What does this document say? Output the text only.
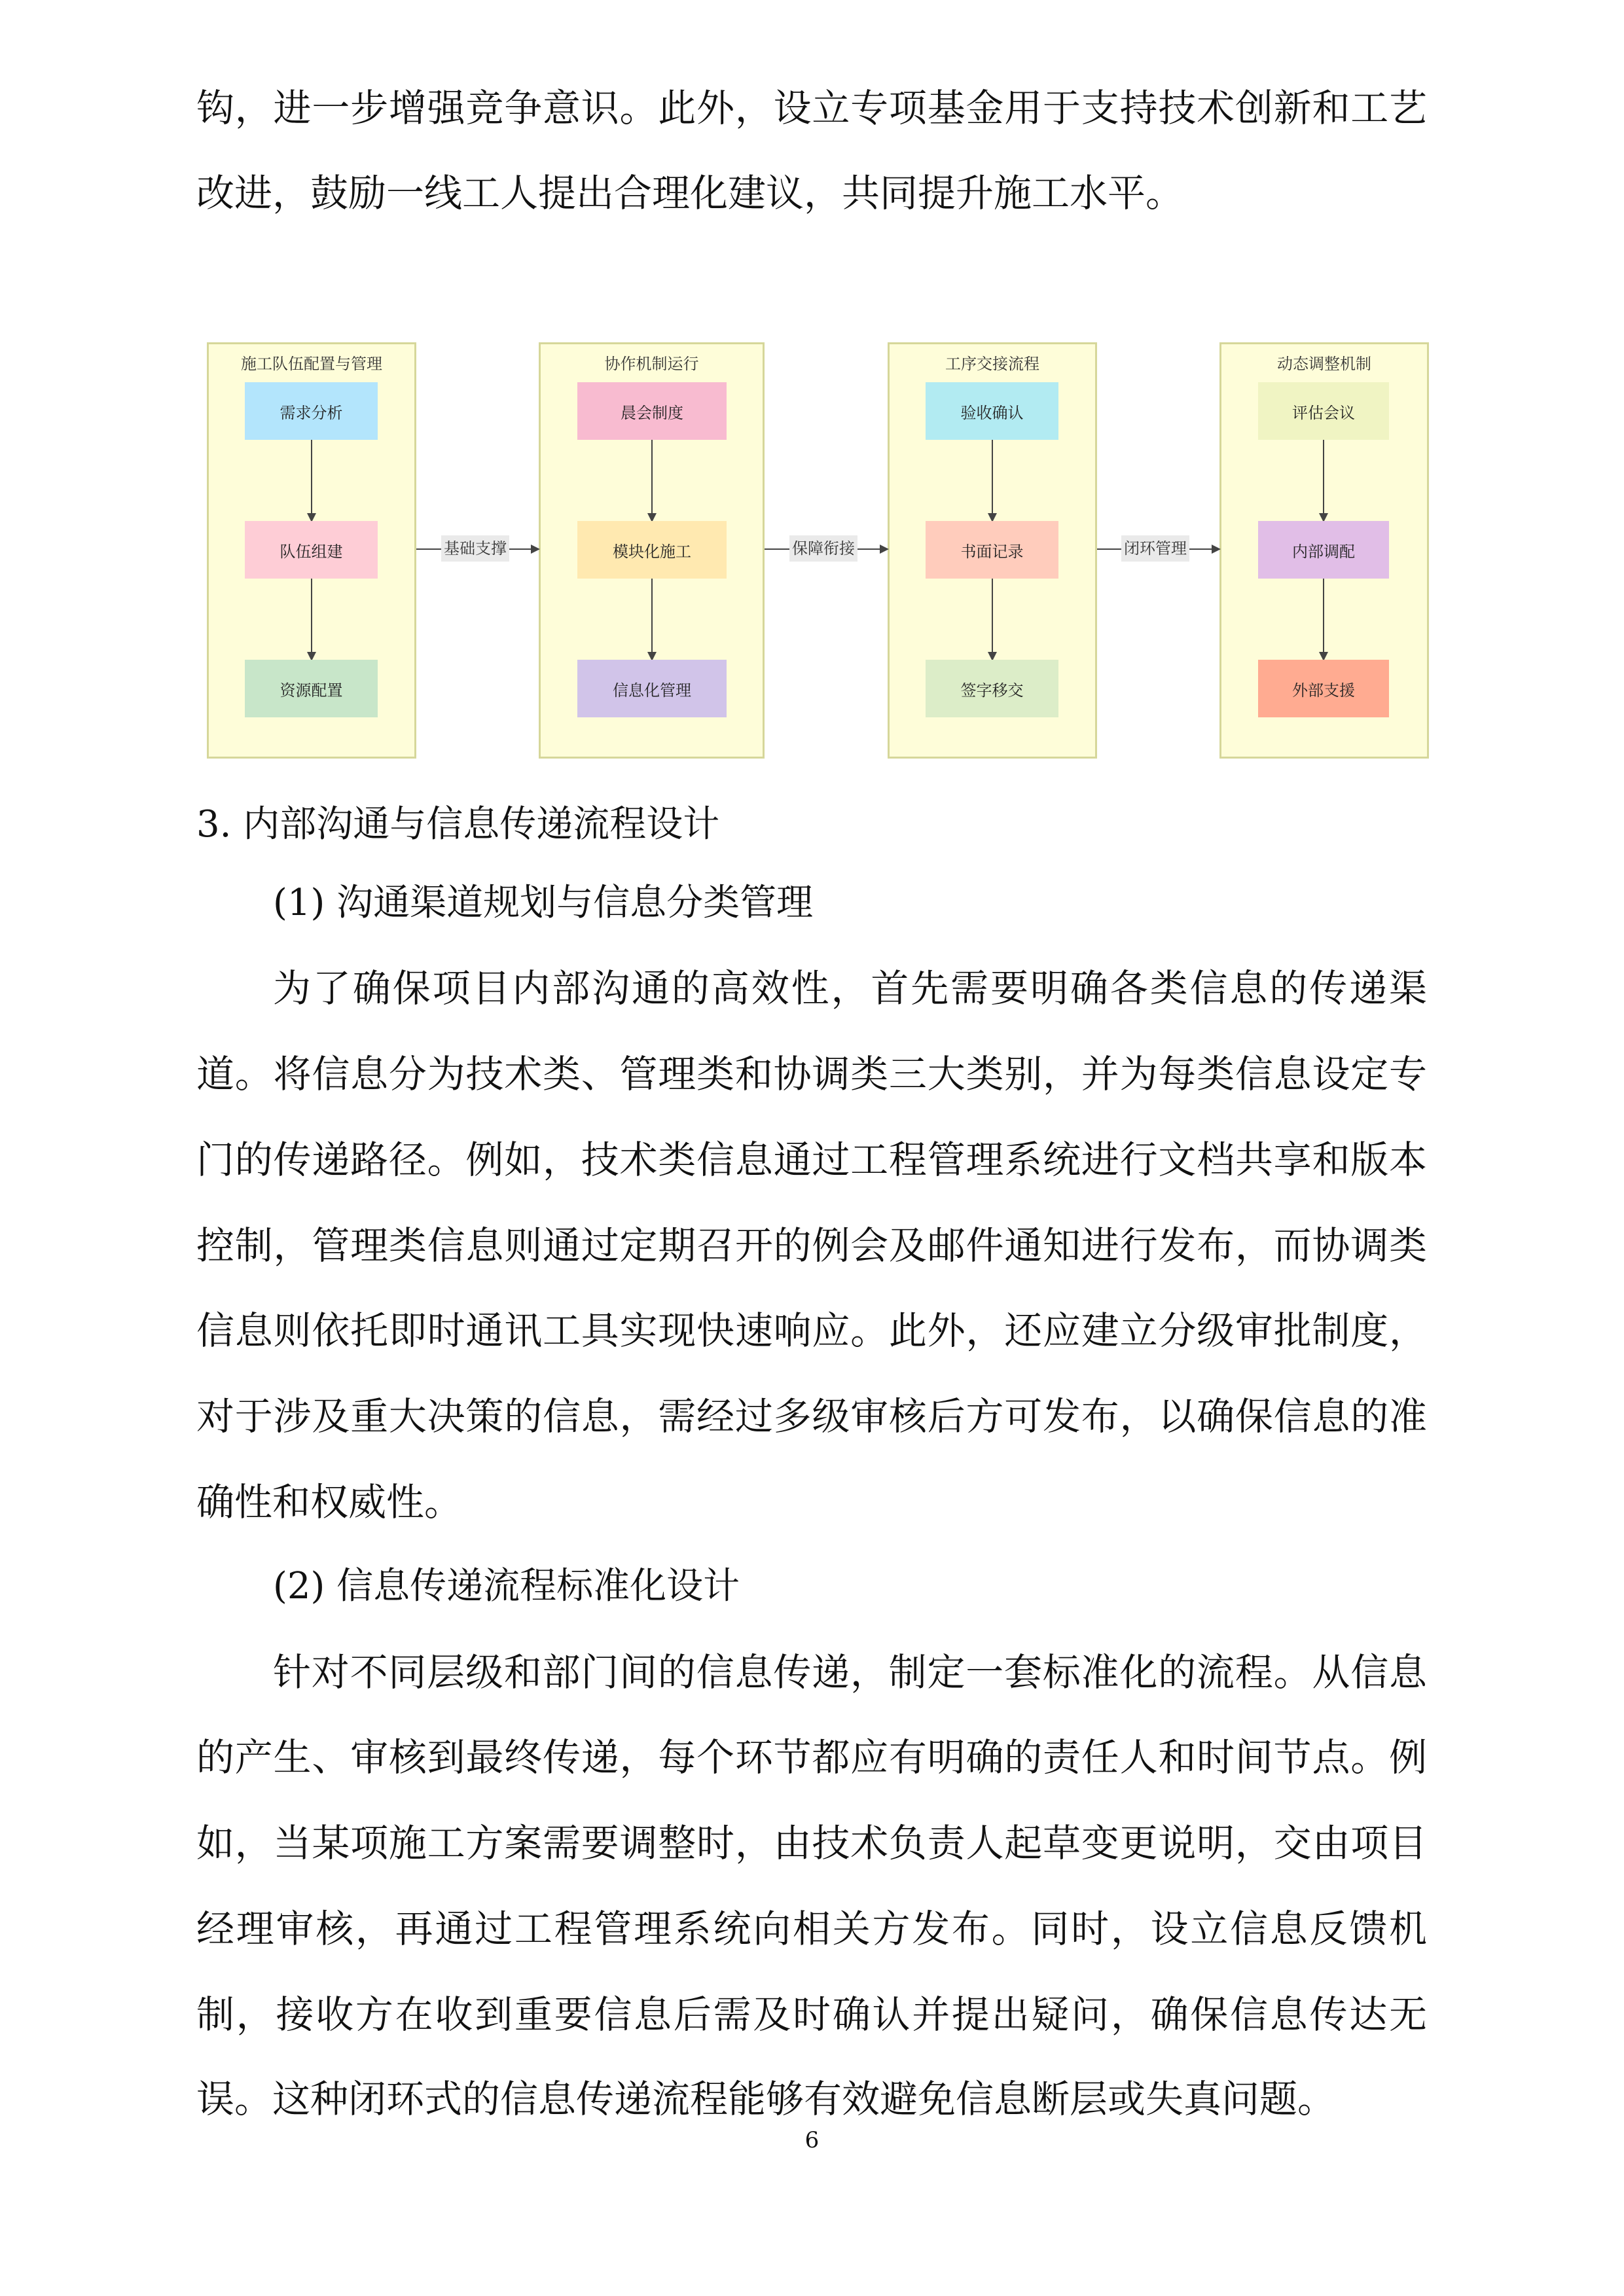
钩，进一步增强竞争意识。此外，设立专项基金用于支持技术创新和工艺
改进，鼓励一线工人提出合理化建议，共同提升施工水平。
施工队伍配置与管理	协作机制运行	工序交接流程	动态调整机制
需求分析
队伍组建
资源配置
晨会制度
模块化施工
信息化管理
验收确认
书面记录
签字移交
评估会议
内部调配
外部支援
基础支撑	保障衔接	闭环管理
3. 内部沟通与信息传递流程设计
(1) 沟通渠道规划与信息分类管理
为了确保项目内部沟通的高效性，首先需要明确各类信息的传递渠
道。将信息分为技术类、管理类和协调类三大类别，并为每类信息设定专
门的传递路径。例如，技术类信息通过工程管理系统进行文档共享和版本
控制，管理类信息则通过定期召开的例会及邮件通知进行发布，而协调类
信息则依托即时通讯工具实现快速响应。此外，还应建立分级审批制度，
对于涉及重大决策的信息，需经过多级审核后方可发布，以确保信息的准
确性和权威性。
(2) 信息传递流程标准化设计
针对不同层级和部门间的信息传递，制定一套标准化的流程。从信息
的产生、审核到最终传递，每个环节都应有明确的责任人和时间节点。例
如，当某项施工方案需要调整时，由技术负责人起草变更说明，交由项目
经理审核，再通过工程管理系统向相关方发布。同时，设立信息反馈机
制，接收方在收到重要信息后需及时确认并提出疑问，确保信息传达无
误。这种闭环式的信息传递流程能够有效避免信息断层或失真问题。
6
